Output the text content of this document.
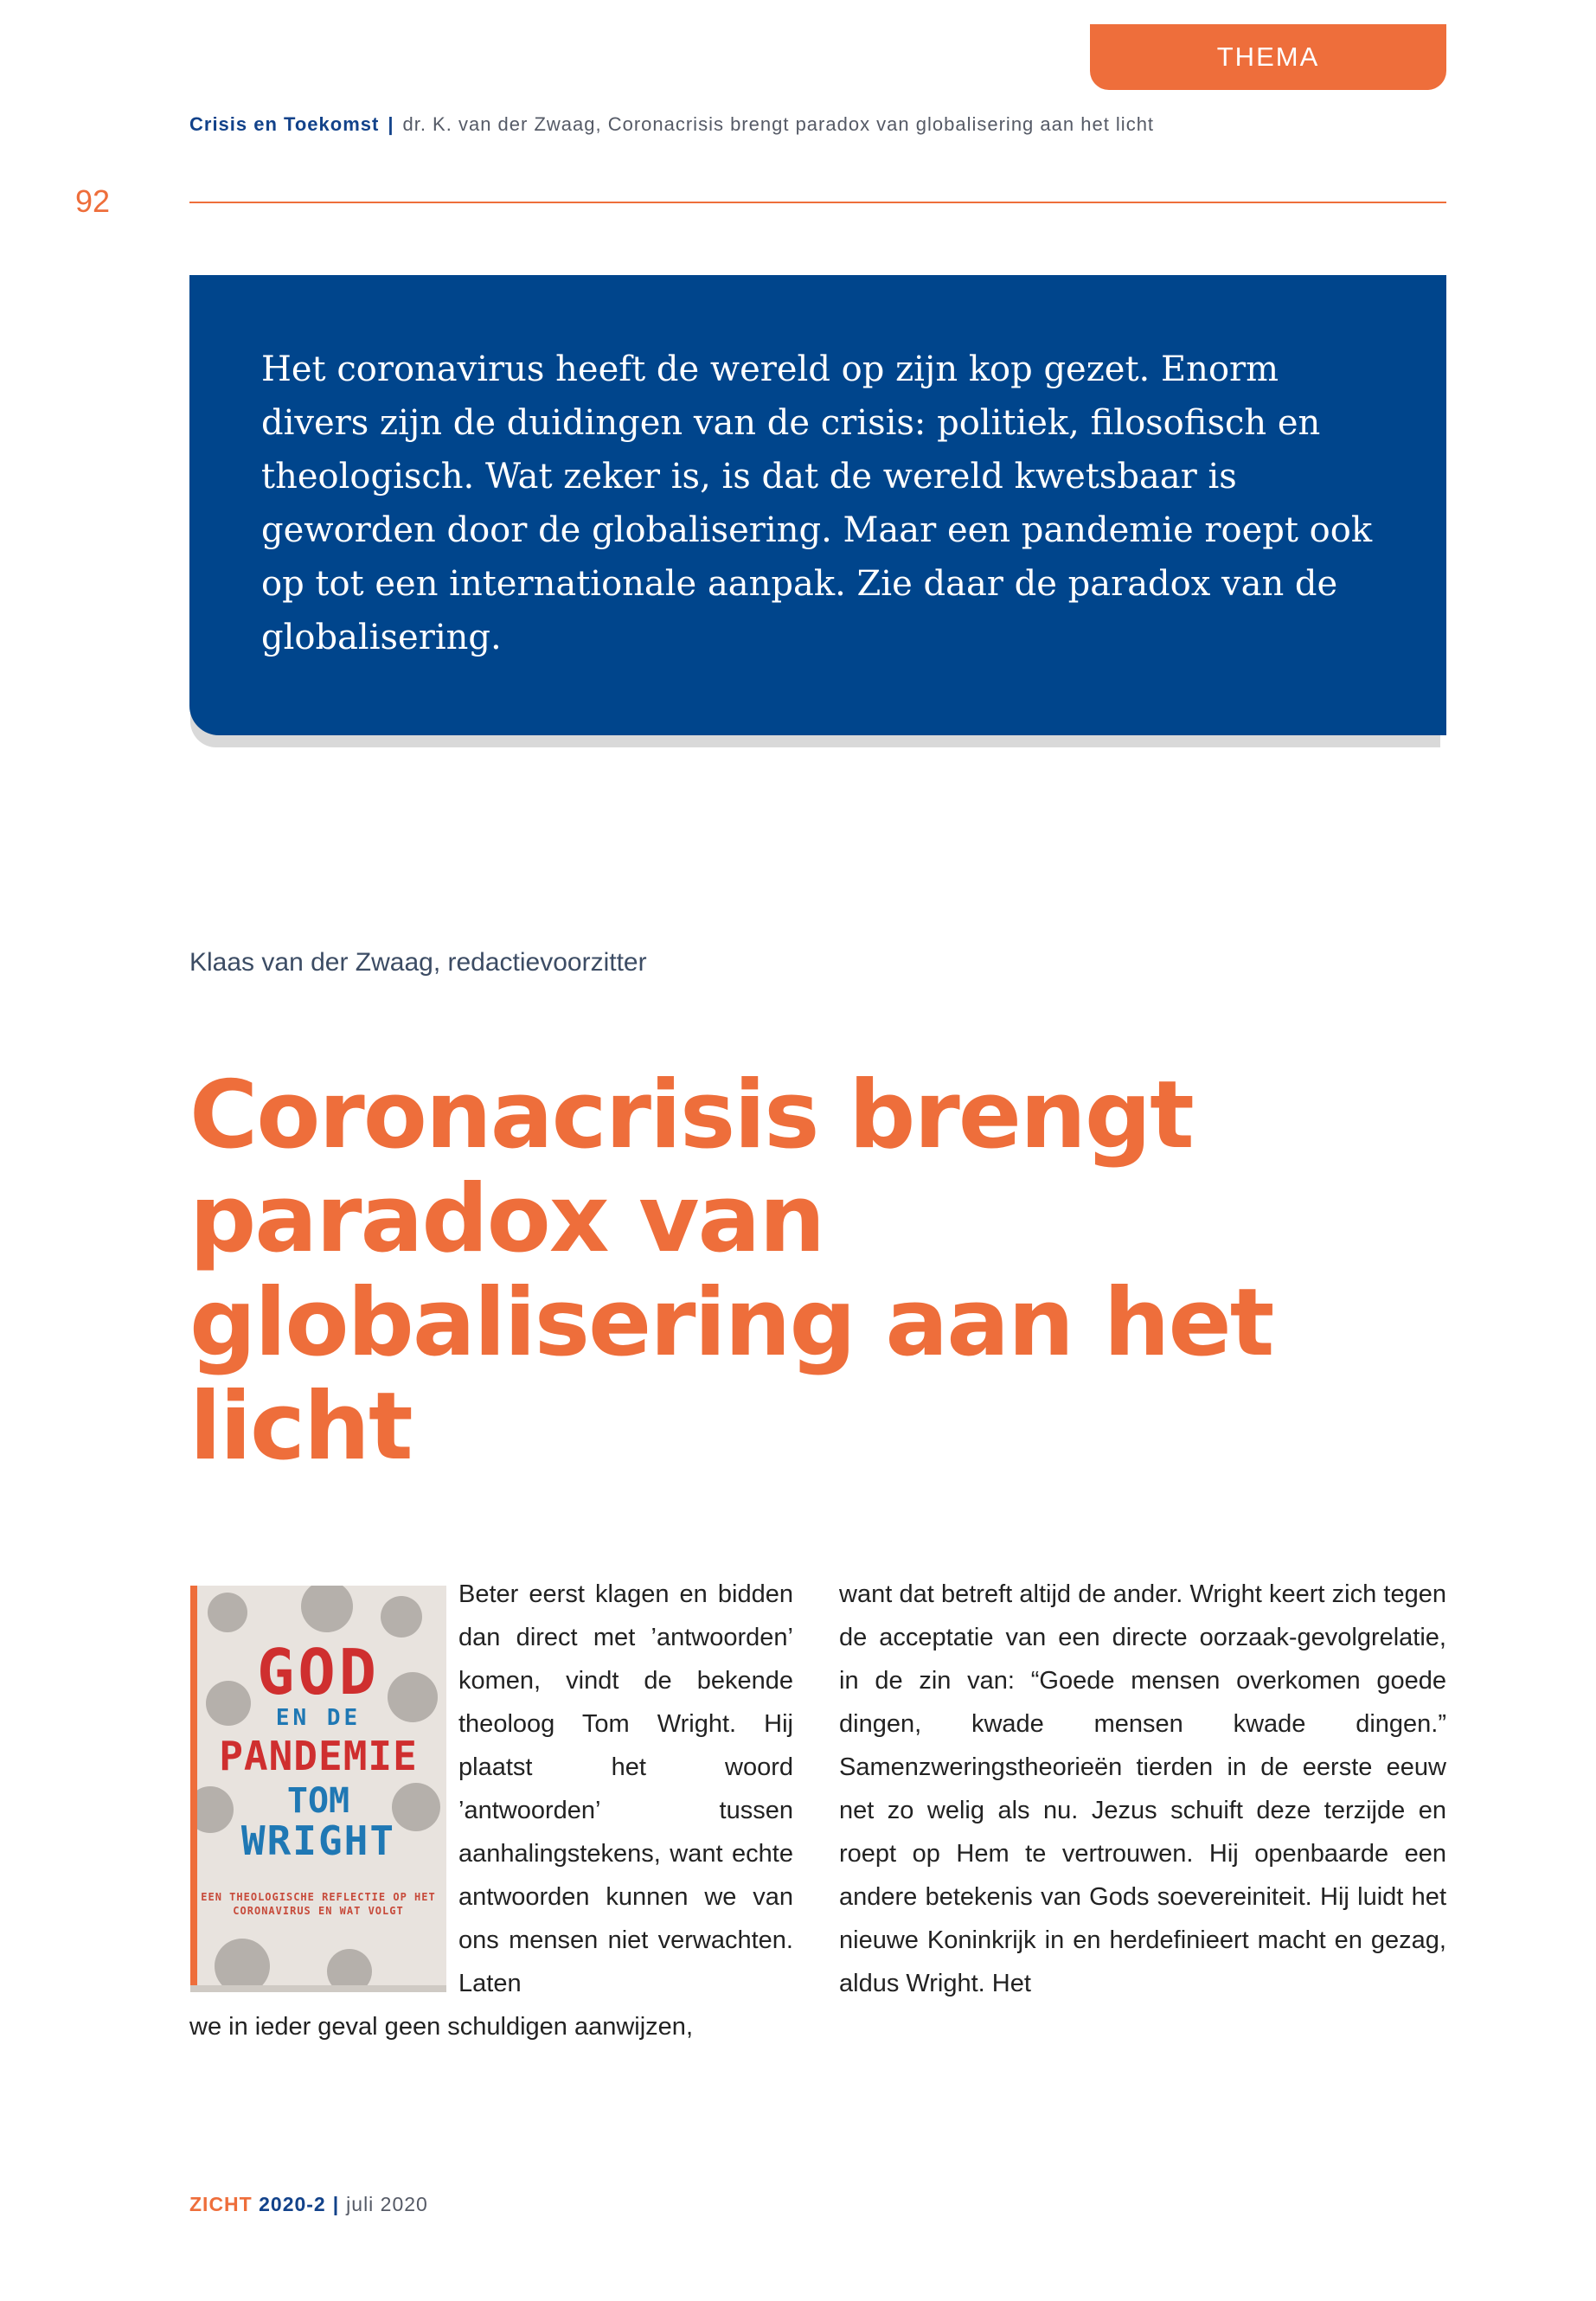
THEMA
Crisis en Toekomst | dr. K. van der Zwaag, Coronacrisis brengt paradox van globalisering aan het licht
92
Het coronavirus heeft de wereld op zijn kop gezet. Enorm divers zijn de duidingen van de crisis: politiek, filosofisch en theologisch. Wat zeker is, is dat de wereld kwetsbaar is geworden door de globalisering. Maar een pandemie roept ook op tot een internationale aanpak. Zie daar de paradox van de globalisering.
Klaas van der Zwaag, redactievoorzitter
Coronacrisis brengt paradox van globalisering aan het licht
GOD
EN DE
PANDEMIE
TOM
WRIGHT
EEN THEOLOGISCHE REFLECTIE OP HET CORONAVIRUS EN WAT VOLGT

Beter eerst klagen en bidden dan direct met ’antwoorden’ komen, vindt de bekende theoloog Tom Wright. Hij plaatst het woord ’antwoorden’ tussen aanhalingstekens, want echte antwoorden kunnen we van ons mensen niet verwachten. Laten

we in ieder geval geen schuldigen aanwijzen,

want dat betreft altijd de ander. Wright keert zich tegen de acceptatie van een directe oorzaak-gevolgrelatie, in de zin van: “Goede mensen overkomen goede dingen, kwade mensen kwade dingen.” Samenzweringstheorieën tierden in de eerste eeuw net zo welig als nu. Jezus schuift deze terzijde en roept op Hem te vertrouwen. Hij openbaarde een andere betekenis van Gods soevereiniteit. Hij luidt het nieuwe Koninkrijk in en herdefinieert macht en gezag, aldus Wright. Het

ZICHT 2020-2 | juli 2020
